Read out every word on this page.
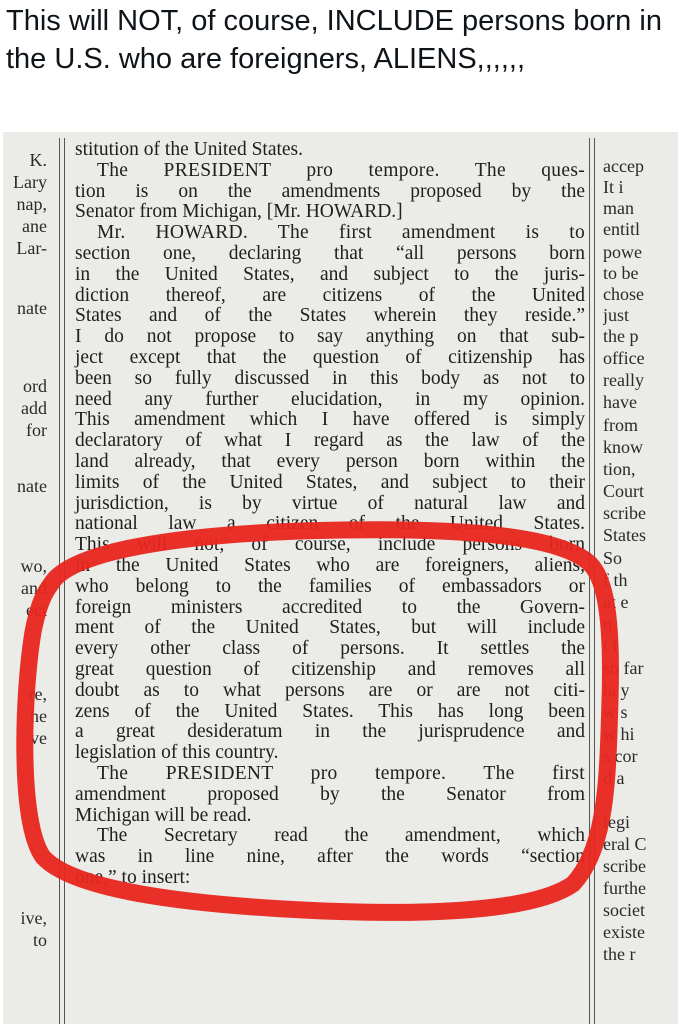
This will NOT, of course, INCLUDE persons born in the U.S. who are foreigners, ALIENS,,,,,,
K.
Lary
nap,
ane
Lar-
nate
ord
add
for
nate
wo,
and
ect
re,
he
ve
ive,
to
accep
It i
man
entitl
powe
to be
chose
just
the p
office
really
have
from
know
tion,
Court
scribe
States
So
f th
at e
n
t i
so far
la y
w s
w hi
s cor
d a
legi
eral C
scribe
furthe
societ
existe
the r
stitution of the United States.
The PRESIDENT pro tempore. The ques-
tion is on the amendments proposed by the
Senator from Michigan, [Mr. HOWARD.]
Mr. HOWARD. The first amendment is to
section one, declaring that “all persons born
in the United States, and subject to the juris-
diction thereof, are citizens of the United
States and of the States wherein they reside.”
I do not propose to say anything on that sub-
ject except that the question of citizenship has
been so fully discussed in this body as not to
need any further elucidation, in my opinion.
This amendment which I have offered is simply
declaratory of what I regard as the law of the
land already, that every person born within the
limits of the United States, and subject to their
jurisdiction, is by virtue of natural law and
national law a citizen of the United States.
This will not, of course, include persons born
in the United States who are foreigners, aliens,
who belong to the families of embassadors or
foreign ministers accredited to the Govern-
ment of the United States, but will include
every other class of persons. It settles the
great question of citizenship and removes all
doubt as to what persons are or are not citi-
zens of the United States. This has long been
a great desideratum in the jurisprudence and
legislation of this country.
The PRESIDENT pro tempore. The first
amendment proposed by the Senator from
Michigan will be read.
The Secretary read the amendment, which
was in line nine, after the words “section
one,” to insert:
